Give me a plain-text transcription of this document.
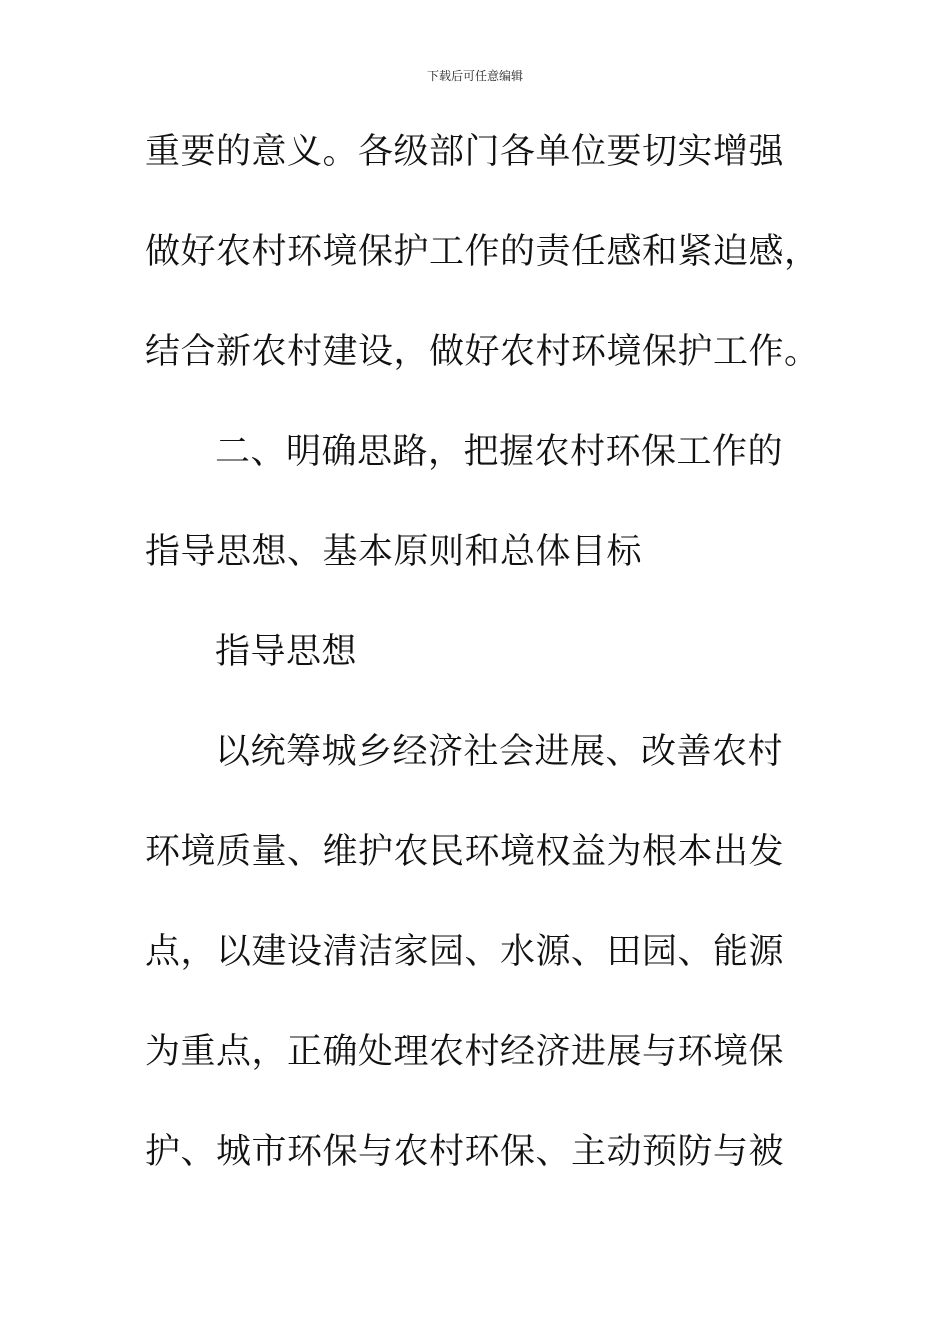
下载后可任意编辑
重要的意义。各级部门各单位要切实增强
做好农村环境保护工作的责任感和紧迫感，
结合新农村建设，做好农村环境保护工作。
二、明确思路，把握农村环保工作的
指导思想、基本原则和总体目标
指导思想
以统筹城乡经济社会进展、改善农村
环境质量、维护农民环境权益为根本出发
点，以建设清洁家园、水源、田园、能源
为重点，正确处理农村经济进展与环境保
护、城市环保与农村环保、主动预防与被
